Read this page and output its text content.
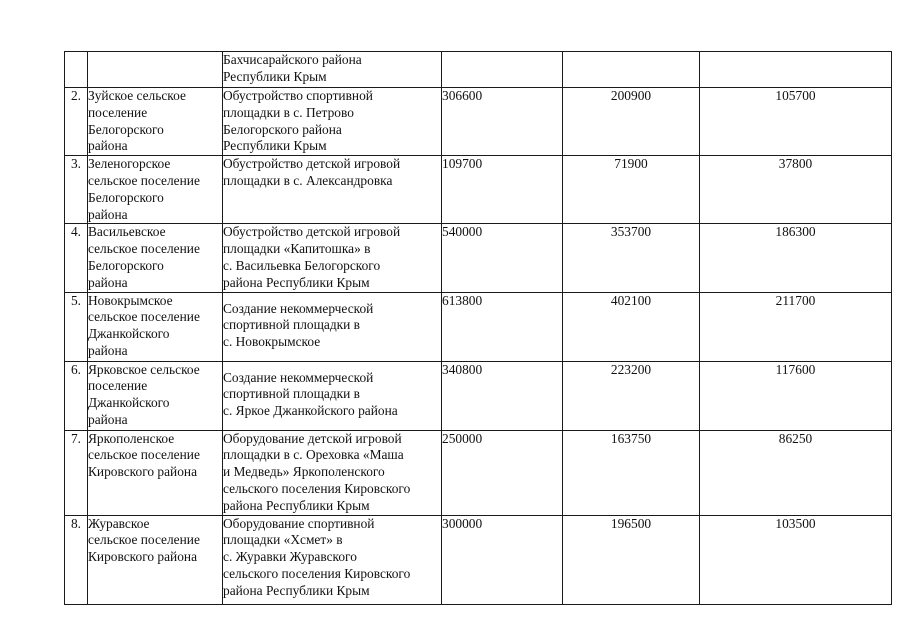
		Бахчисарайского района
Республики Крым			

2.	Зуйское сельское
поселение
Белогорского
района	Обустройство спортивной
площадки в с. Петрово
Белогорского района
Республики Крым	306600	200900	105700
3.	Зеленогорское
сельское поселение
Белогорского
района	Обустройство детской игровой
площадки в с. Александровка	109700	71900	37800
4.	Васильевское
сельское поселение
Белогорского
района	Обустройство детской игровой
площадки «Капитошка» в
с. Васильевка Белогорского
района Республики Крым	540000	353700	186300
5.	Новокрымское
сельское поселение
Джанкойского
района	Создание некоммерческой
спортивной площадки в
с. Новокрымское	613800	402100	211700
6.	Ярковское сельское
поселение
Джанкойского
района	Создание некоммерческой
спортивной площадки в
с. Яркое Джанкойского района	340800	223200	117600
7.	Яркополенское
сельское поселение
Кировского района	Оборудование детской игровой
площадки в с. Ореховка «Маша
и Медведь» Яркополенского
сельского поселения Кировского
района Республики Крым	250000	163750	86250
8.	Журавское
сельское поселение
Кировского района	Оборудование спортивной
площадки «Хсмет» в
с. Журавки Журавского
сельского поселения Кировского
района Республики Крым	300000	196500	103500
